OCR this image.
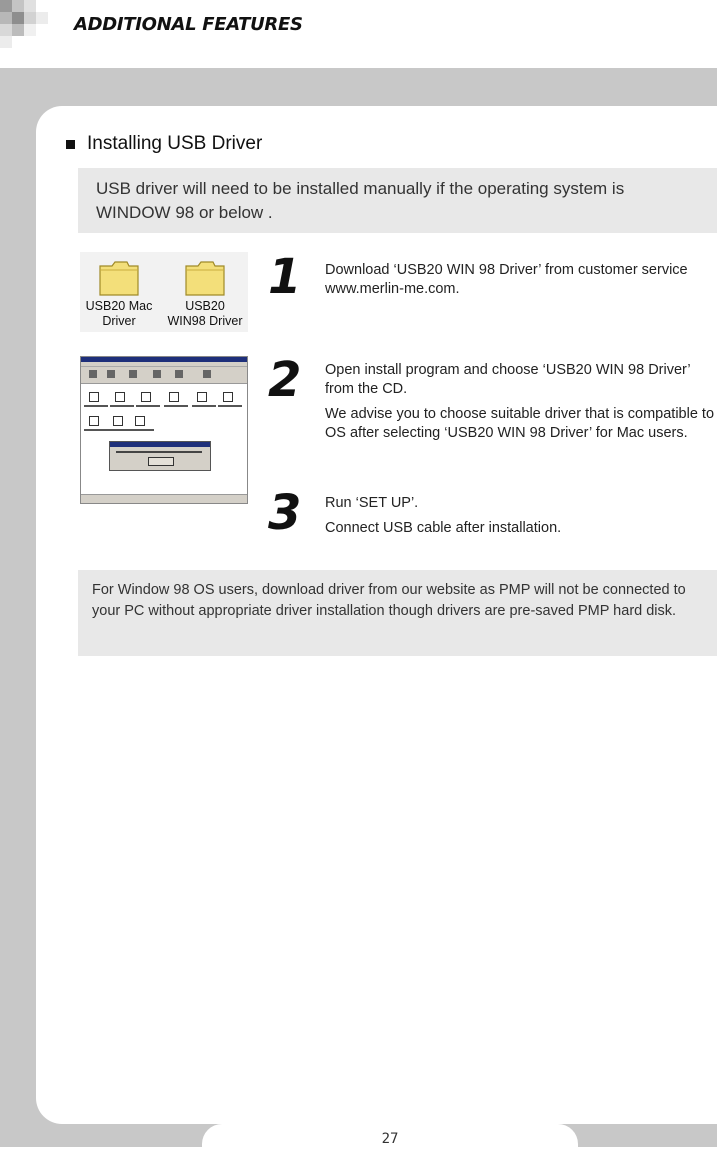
ADDITIONAL FEATURES
Installing USB Driver
USB driver will need to be installed manually if the operating system is WINDOW 98 or below .
USB20 Mac
Driver
USB20
WIN98 Driver
1 Download ‘USB20 WIN 98 Driver’ from customer service www.merlin-me.com.

2 Open install program and choose ‘USB20 WIN 98 Driver’ from the CD.

We advise you to choose suitable driver that is compatible to OS after selecting ‘USB20 WIN 98 Driver’ for Mac users.

3 Run ‘SET UP’.

Connect USB cable after installation.

For Window 98 OS users, download driver from our website as PMP will not be connected to your PC without appropriate driver installation though drivers are pre-saved PMP hard disk.
27
